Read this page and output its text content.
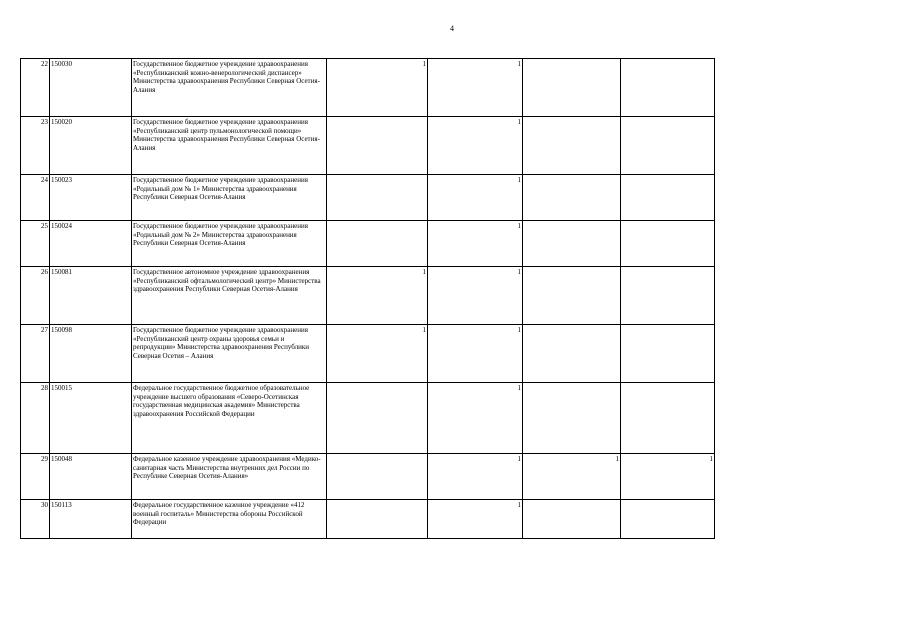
4
22	150030	Государственное бюджетное учреждение здравоохранения «Республиканский кожно-венерологический диспансер» Министерства здравоохранения Республики Северная Осетия-Алания	1	1			
23	150020	Государственное бюджетное учреждение здравоохранения «Республиканский центр пульмонологической помощи» Министерства здравоохранения Республики Северная Осетия-Алания		1			
24	150023	Государственное бюджетное учреждение здравоохранения «Родильный дом № 1» Министерства здравоохранения Республики Северная Осетия-Алания		1			
25	150024	Государственное бюджетное учреждение здравоохранения «Родильный дом № 2» Министерства здравоохранения Республики Северная Осетия-Алания		1			
26	150081	Государственное автономное учреждение здравоохранения «Республиканский офтальмологический центр» Министерства здравоохранения Республики Северная Осетия-Алания	1	1			
27	150098	Государственное бюджетное учреждение здравоохранения «Республиканский центр охраны здоровья семьи и репродукции» Министерства здравоохранения Республики Северная Осетия – Алания	1	1			
28	150015	Федеральное государственное бюджетное образовательное учреждение высшего образования «Северо-Осетинская государственная медицинская академия» Министерства здравоохранения Российской Федерации		1			
29	150048	Федеральное казенное учреждение здравоохранения «Медико-санитарная часть Министерства внутренних дел России по Республике Северная Осетия-Алания»		1	1	1	
30	150113	Федеральное государственное казенное учреждение «412 военный госпиталь» Министерства обороны Российской Федерации		1			
